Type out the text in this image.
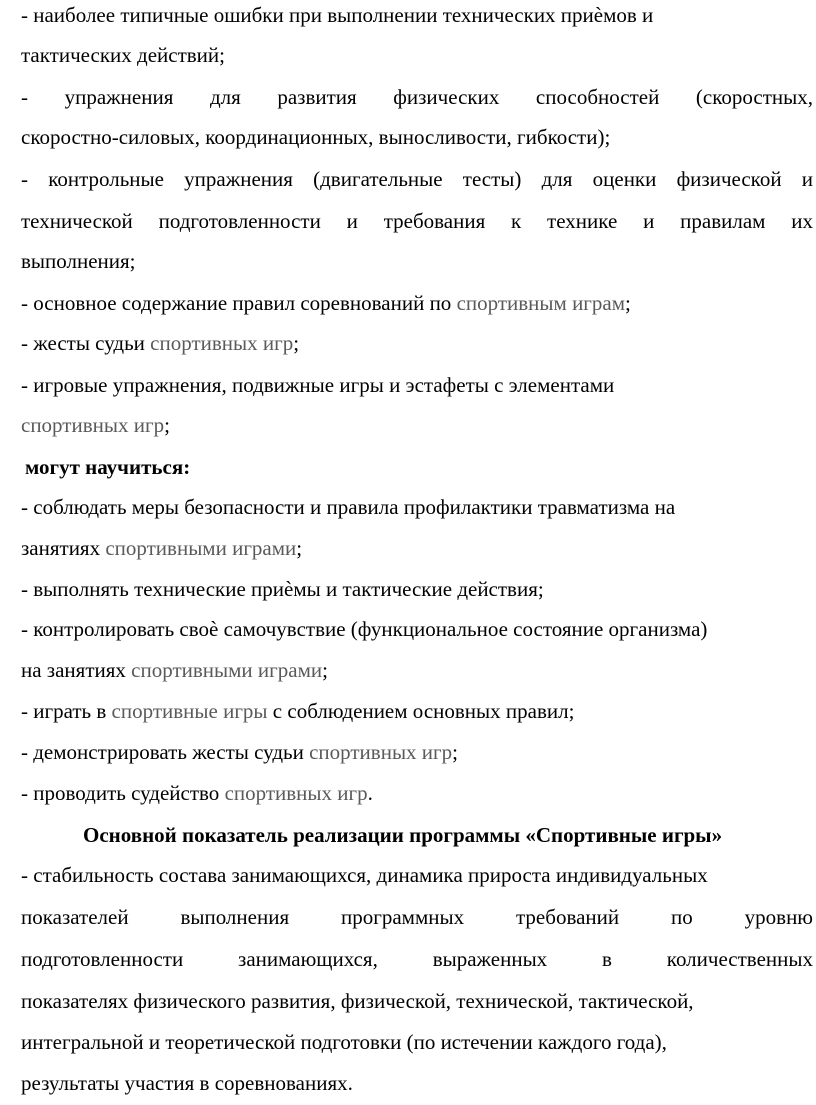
- наиболее типичные ошибки при выполнении технических приѐмов и
тактических действий;
- упражнения для развития физических способностей (скоростных,
скоростно-силовых, координационных, выносливости, гибкости);
- контрольные упражнения (двигательные тесты) для оценки физической и
технической подготовленности и требования к технике и правилам их
выполнения;
- основное содержание правил соревнований по спортивным играм;
- жесты судьи спортивных игр;
- игровые упражнения, подвижные игры и эстафеты с элементами
спортивных игр;
могут научиться:
- соблюдать меры безопасности и правила профилактики травматизма на
занятиях спортивными играми;
- выполнять технические приѐмы и тактические действия;
- контролировать своѐ самочувствие (функциональное состояние организма)
на занятиях спортивными играми;
- играть в спортивные игры с соблюдением основных правил;
- демонстрировать жесты судьи спортивных игр;
- проводить судейство спортивных игр.
Основной показатель реализации программы «Спортивные игры»
- стабильность состава занимающихся, динамика прироста индивидуальных
показателей выполнения программных требований по уровню
подготовленности занимающихся, выраженных в количественных
показателях физического развития, физической, технической, тактической,
интегральной и теоретической подготовки (по истечении каждого года),
результаты участия в соревнованиях.
